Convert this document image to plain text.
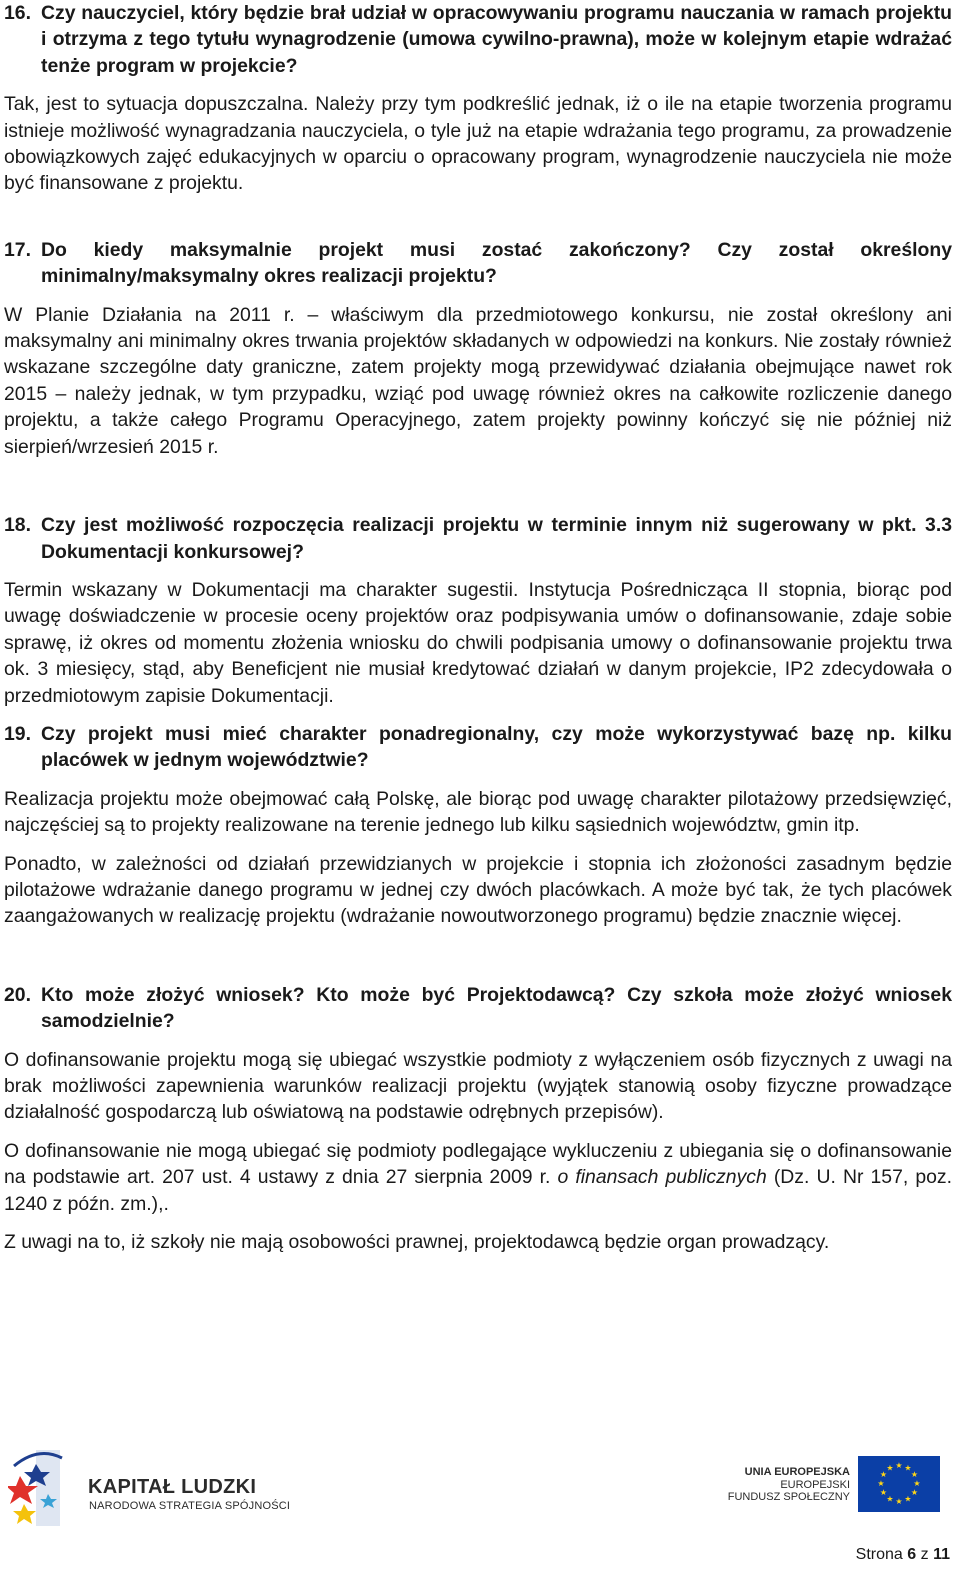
16. Czy nauczyciel, który będzie brał udział w opracowywaniu programu nauczania w ramach projektu i otrzyma z tego tytułu wynagrodzenie (umowa cywilno-prawna), może w kolejnym etapie wdrażać tenże program w projekcie?

Tak, jest to sytuacja dopuszczalna. Należy przy tym podkreślić jednak, iż o ile na etapie tworzenia programu istnieje możliwość wynagradzania nauczyciela, o tyle już na etapie wdrażania tego programu, za prowadzenie obowiązkowych zajęć edukacyjnych w oparciu o opracowany program, wynagrodzenie nauczyciela nie może być finansowane z projektu.

17. Do kiedy maksymalnie projekt musi zostać zakończony? Czy został określony minimalny/maksymalny okres realizacji projektu?

W Planie Działania na 2011 r. – właściwym dla przedmiotowego konkursu, nie został określony ani maksymalny ani minimalny okres trwania projektów składanych w odpowiedzi na konkurs. Nie zostały również wskazane szczególne daty graniczne, zatem projekty mogą przewidywać działania obejmujące nawet rok 2015 – należy jednak, w tym przypadku, wziąć pod uwagę również okres na całkowite rozliczenie danego projektu, a także całego Programu Operacyjnego, zatem projekty powinny kończyć się nie później niż sierpień/wrzesień 2015 r.

18. Czy jest możliwość rozpoczęcia realizacji projektu w terminie innym niż sugerowany w pkt. 3.3 Dokumentacji konkursowej?

Termin wskazany w Dokumentacji ma charakter sugestii. Instytucja Pośrednicząca II stopnia, biorąc pod uwagę doświadczenie w procesie oceny projektów oraz podpisywania umów o dofinansowanie, zdaje sobie sprawę, iż okres od momentu złożenia wniosku do chwili podpisania umowy o dofinansowanie projektu trwa ok. 3 miesięcy, stąd, aby Beneficjent nie musiał kredytować działań w danym projekcie, IP2 zdecydowała o przedmiotowym zapisie Dokumentacji.

19. Czy projekt musi mieć charakter ponadregionalny, czy może wykorzystywać bazę np. kilku placówek w jednym województwie?

Realizacja projektu może obejmować całą Polskę, ale biorąc pod uwagę charakter pilotażowy przedsięwzięć, najczęściej są to projekty realizowane na terenie jednego lub kilku sąsiednich województw, gmin itp.

Ponadto, w zależności od działań przewidzianych w projekcie i stopnia ich złożoności zasadnym będzie pilotażowe wdrażanie danego programu w jednej czy dwóch placówkach. A może być tak, że tych placówek zaangażowanych w realizację projektu (wdrażanie nowoutworzonego programu) będzie znacznie więcej.

20. Kto może złożyć wniosek? Kto może być Projektodawcą? Czy szkoła może złożyć wniosek samodzielnie?

O dofinansowanie projektu mogą się ubiegać wszystkie podmioty z wyłączeniem osób fizycznych z uwagi na brak możliwości zapewnienia warunków realizacji projektu (wyjątek stanowią osoby fizyczne prowadzące działalność gospodarczą lub oświatową na podstawie odrębnych przepisów).

O dofinansowanie nie mogą ubiegać się podmioty podlegające wykluczeniu z ubiegania się o dofinansowanie na podstawie art. 207 ust. 4 ustawy z dnia 27 sierpnia 2009 r. o finansach publicznych (Dz. U. Nr 157, poz. 1240 z późn. zm.),.

Z uwagi na to, iż szkoły nie mają osobowości prawnej, projektodawcą będzie organ prowadzący.

KAPITAŁ LUDZKI
NARODOWA STRATEGIA SPÓJNOŚCI
UNIA EUROPEJSKA
EUROPEJSKI
FUNDUSZ SPOŁECZNY
★ ★
★
★
★
★
★
★
★
★
★
★
Strona 6 z 11
